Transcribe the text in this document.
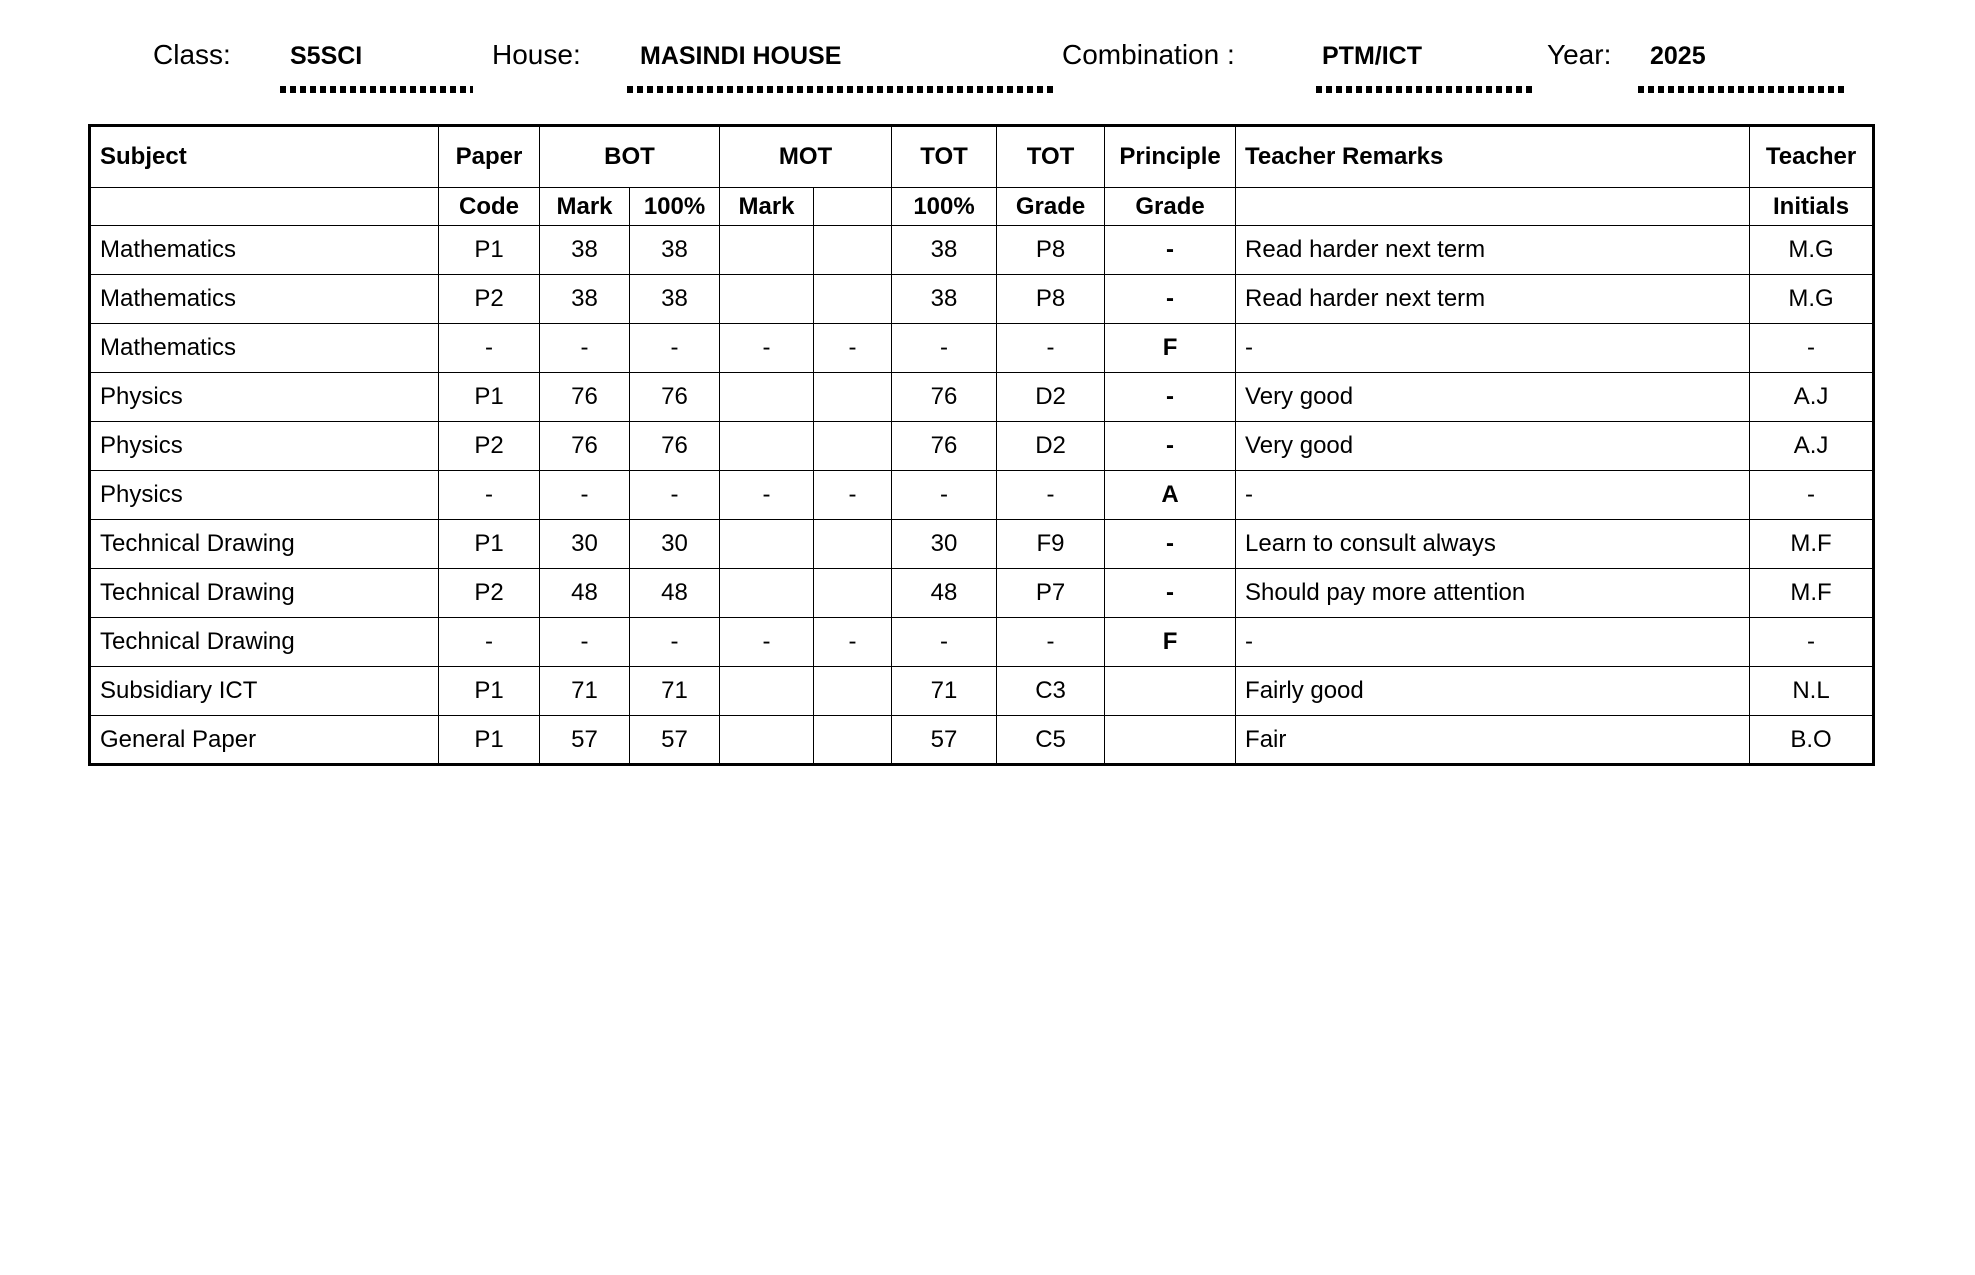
Class: S5SCI	House: MASINDI HOUSE	Combination :	PTM/ICT	Year: 2025
Subject	Paper	BOT		MOT		TOT	TOT	Principle	Teacher Remarks	Teacher
	Code	Mark	100%	Mark		100%	Grade	Grade		Initials
Mathematics	P1	38	38			38	P8	-	Read harder next term	M.G
Mathematics	P2	38	38			38	P8	-	Read harder next term	M.G
Mathematics	-	-	-	-	-	-	-	F	-	-
Physics	P1	76	76			76	D2	-	Very good	A.J
Physics	P2	76	76			76	D2	-	Very good	A.J
Physics	-	-	-	-	-	-	-	A	-	-
Technical Drawing	P1	30	30			30	F9	-	Learn to consult always	M.F
Technical Drawing	P2	48	48			48	P7	-	Should pay more attention	M.F
Technical Drawing	-	-	-	-	-	-	-	F	-	-
Subsidiary ICT	P1	71	71			71	C3		Fairly good	N.L
General Paper	P1	57	57			57	C5		Fair	B.O
